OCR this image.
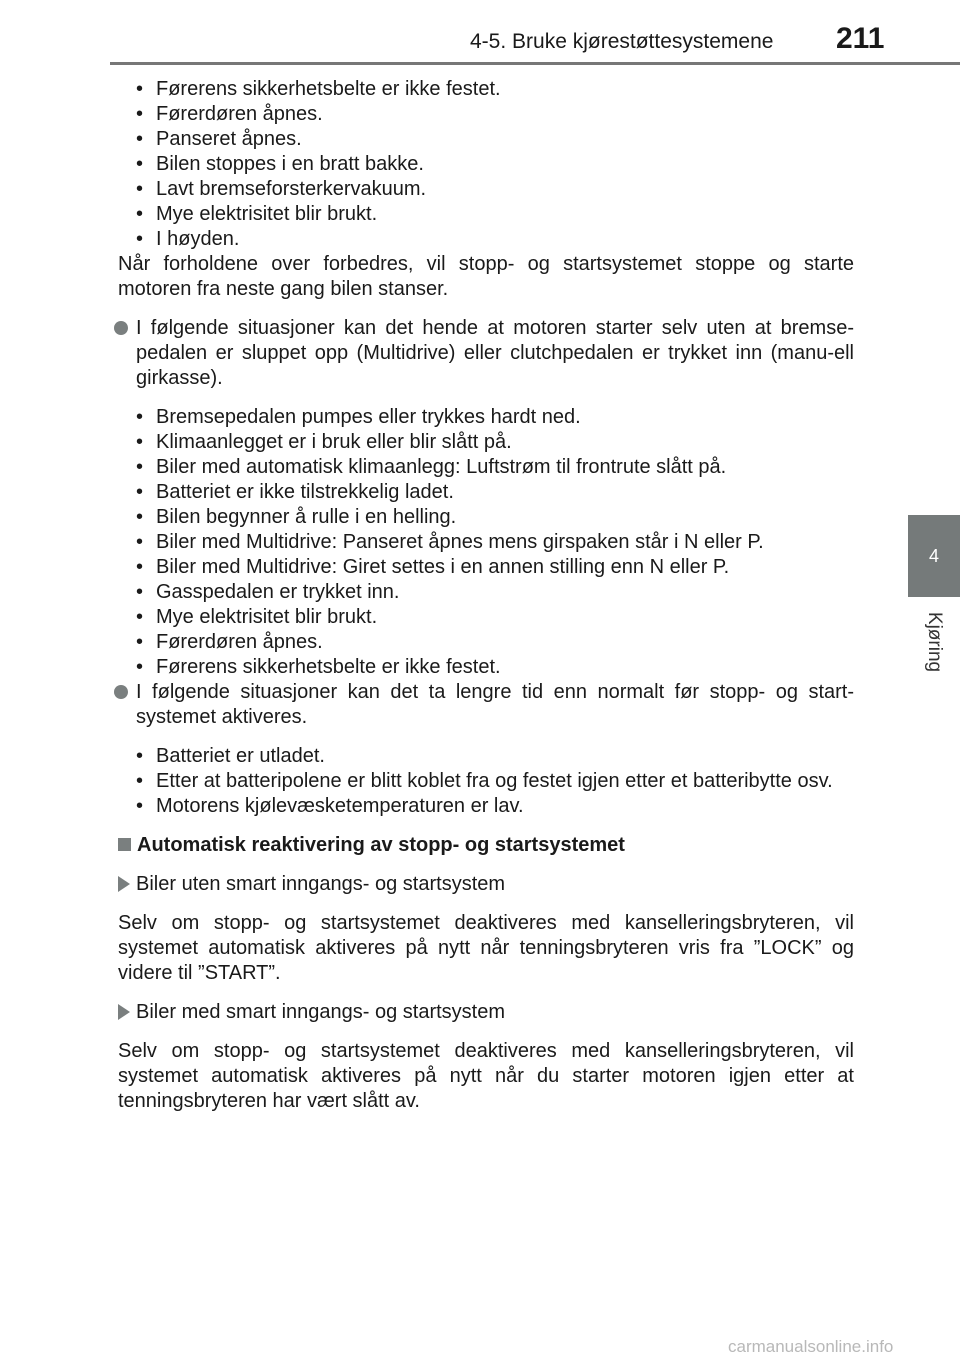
4-5. Bruke kjørestøttesystemene 211
4
Kjøring
• Førerens sikkerhetsbelte er ikke festet.
• Førerdøren åpnes.
• Panseret åpnes.
• Bilen stoppes i en bratt bakke.
• Lavt bremseforsterkervakuum.
• Mye elektrisitet blir brukt.
• I høyden.

Når forholdene over forbedres, vil stopp- og startsystemet stoppe og starte motoren fra neste gang bilen stanser.

I følgende situasjoner kan det hende at motoren starter selv uten at bremse-pedalen er sluppet opp (Multidrive) eller clutchpedalen er trykket inn (manu-ell girkasse).
• Bremsepedalen pumpes eller trykkes hardt ned.
• Klimaanlegget er i bruk eller blir slått på.
• Biler med automatisk klimaanlegg: Luftstrøm til frontrute slått på.
• Batteriet er ikke tilstrekkelig ladet.
• Bilen begynner å rulle i en helling.
• Biler med Multidrive: Panseret åpnes mens girspaken står i N eller P.
• Biler med Multidrive: Giret settes i en annen stilling enn N eller P.
• Gasspedalen er trykket inn.
• Mye elektrisitet blir brukt.
• Førerdøren åpnes.
• Førerens sikkerhetsbelte er ikke festet.
I følgende situasjoner kan det ta lengre tid enn normalt før stopp- og start-systemet aktiveres.
• Batteriet er utladet.
• Etter at batteripolene er blitt koblet fra og festet igjen etter et batteribytte osv.
• Motorens kjølevæsketemperaturen er lav.
Automatisk reaktivering av stopp- og startsystemet
Biler uten smart inngangs- og startsystem

Selv om stopp- og startsystemet deaktiveres med kanselleringsbryteren, vil systemet automatisk aktiveres på nytt når tenningsbryteren vris fra ”LOCK” og videre til ”START”.

Biler med smart inngangs- og startsystem

Selv om stopp- og startsystemet deaktiveres med kanselleringsbryteren, vil systemet automatisk aktiveres på nytt når du starter motoren igjen etter at tenningsbryteren har vært slått av.

carmanualsonline.info
